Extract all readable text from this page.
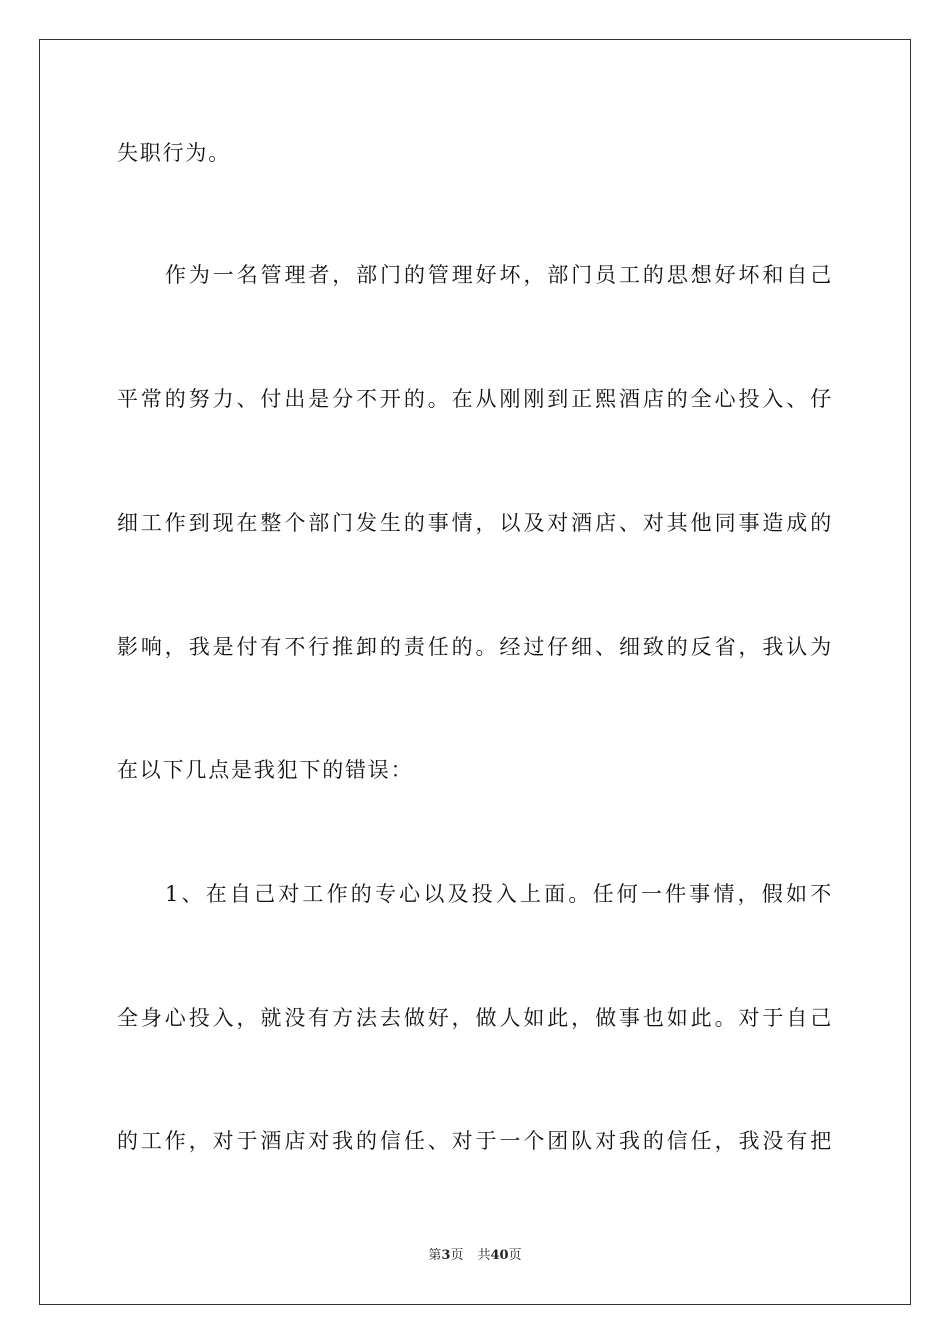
失职行为。
作为一名管理者，部门的管理好坏，部门员工的思想好坏和自己
平常的努力、付出是分不开的。在从刚刚到正熙酒店的全心投入、仔
细工作到现在整个部门发生的事情，以及对酒店、对其他同事造成的
影响，我是付有不行推卸的责任的。经过仔细、细致的反省，我认为
在以下几点是我犯下的错误：
1、在自己对工作的专心以及投入上面。任何一件事情，假如不
全身心投入，就没有方法去做好，做人如此，做事也如此。对于自己
的工作，对于酒店对我的信任、对于一个团队对我的信任，我没有把
第3页 共40页
